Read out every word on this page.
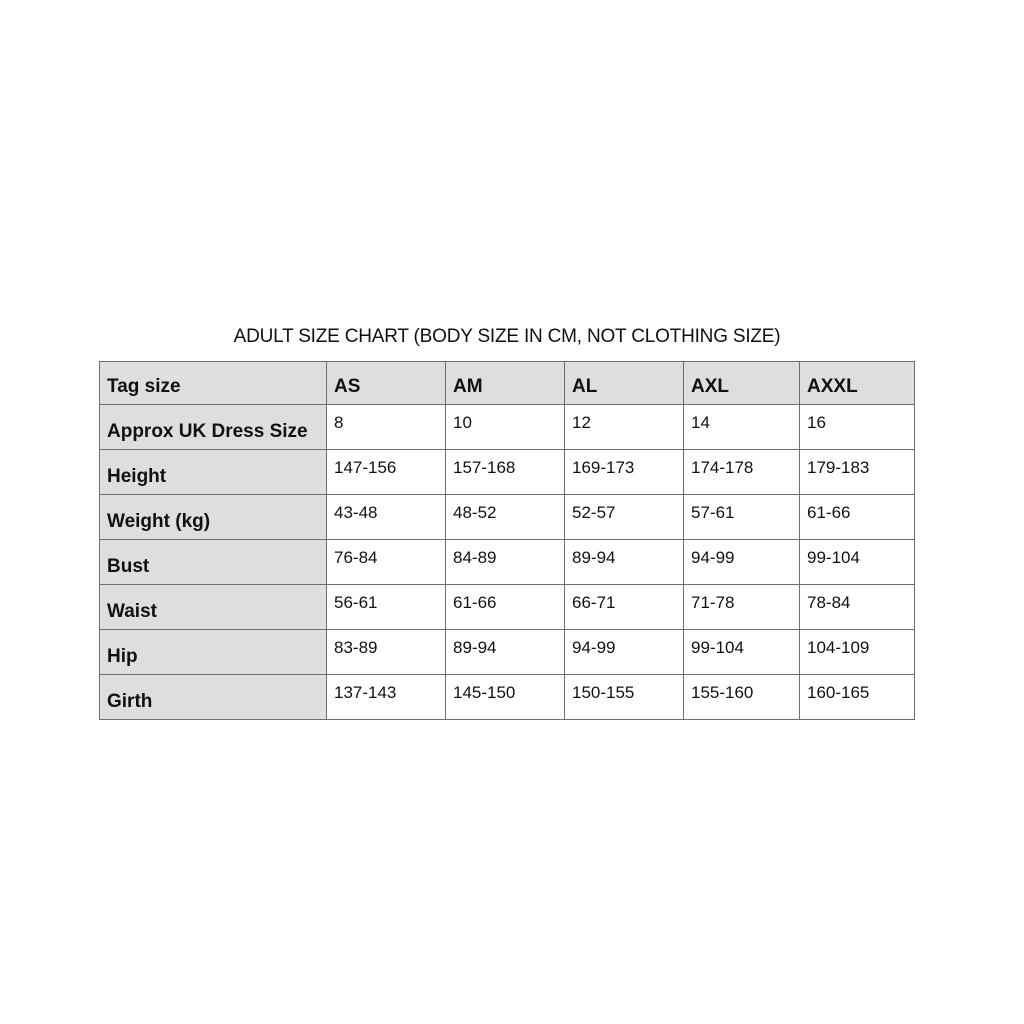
ADULT SIZE CHART (BODY SIZE IN CM, NOT CLOTHING SIZE)
Tag size	AS	AM	AL	AXL	AXXL
Approx UK Dress Size	8	10	12	14	16
Height	147-156	157-168	169-173	174-178	179-183
Weight (kg)	43-48	48-52	52-57	57-61	61-66
Bust	76-84	84-89	89-94	94-99	99-104
Waist	56-61	61-66	66-71	71-78	78-84
Hip	83-89	89-94	94-99	99-104	104-109
Girth	137-143	145-150	150-155	155-160	160-165
